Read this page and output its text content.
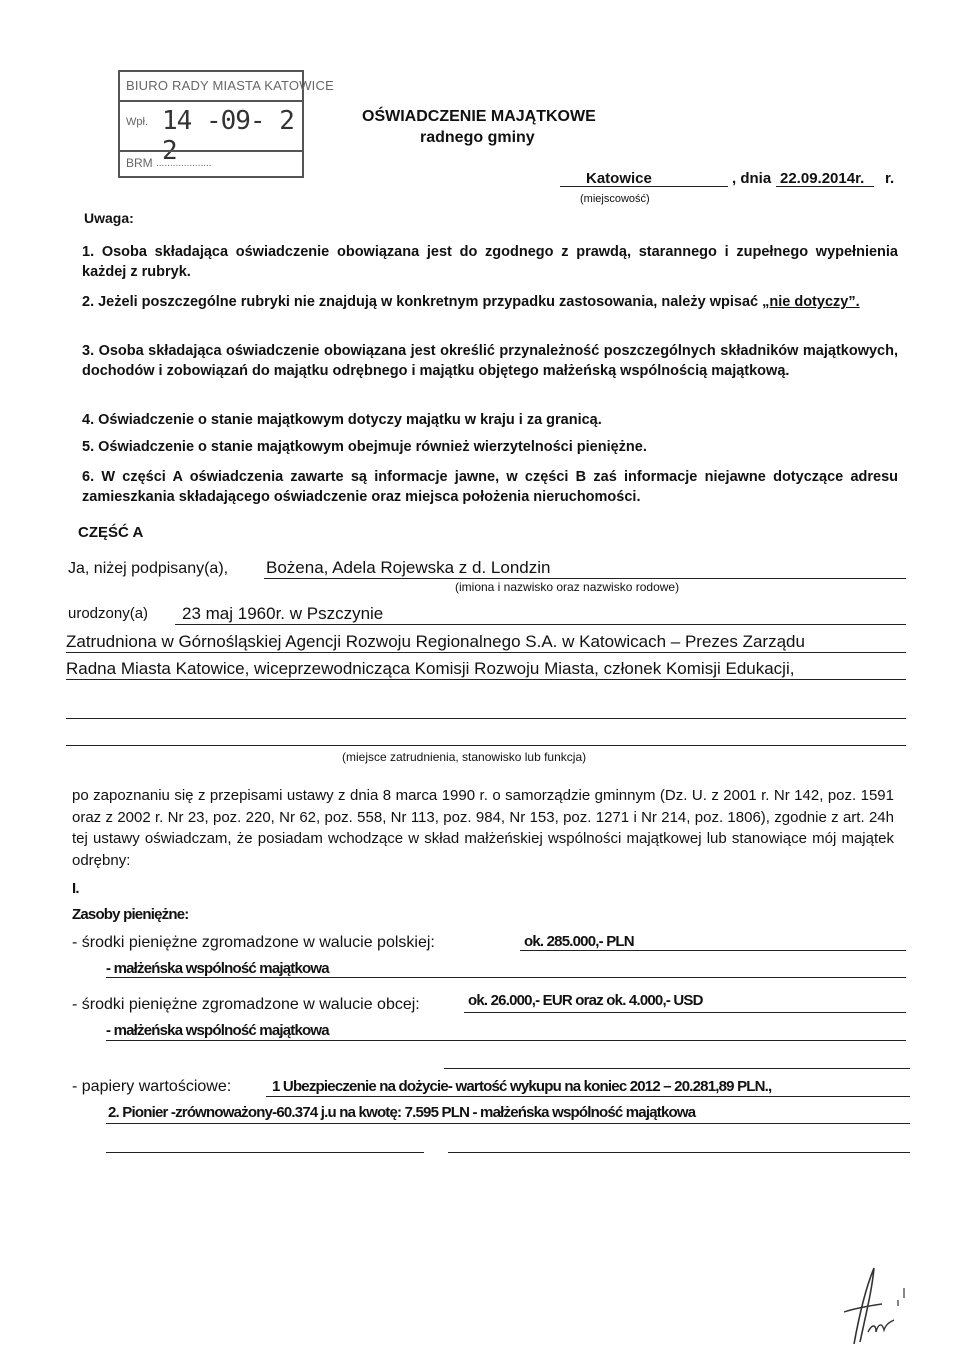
BIURO RADY MIASTA KATOWICE
Wpł. 14 -09- 2 2
BRM ....................
OŚWIADCZENIE MAJĄTKOWE
radnego gminy
Katowice	, dnia 22.09.2014r. r.
(miejscowość)
Uwaga:
1. Osoba składająca oświadczenie obowiązana jest do zgodnego z prawdą, starannego i zupełnego wypełnienia każdej z rubryk.
2. Jeżeli poszczególne rubryki nie znajdują w konkretnym przypadku zastosowania, należy wpisać „nie dotyczy”.
3. Osoba składająca oświadczenie obowiązana jest określić przynależność poszczególnych składników majątkowych, dochodów i zobowiązań do majątku odrębnego i majątku objętego małżeńską wspólnością majątkową.
4. Oświadczenie o stanie majątkowym dotyczy majątku w kraju i za granicą.
5. Oświadczenie o stanie majątkowym obejmuje również wierzytelności pieniężne.
6. W części A oświadczenia zawarte są informacje jawne, w części B zaś informacje niejawne dotyczące adresu zamieszkania składającego oświadczenie oraz miejsca położenia nieruchomości.
CZĘŚĆ A
Ja, niżej podpisany(a), Bożena, Adela Rojewska z d. Londzin
(imiona i nazwisko oraz nazwisko rodowe)
urodzony(a) 23 maj 1960r. w Pszczynie
Zatrudniona w Górnośląskiej Agencji Rozwoju Regionalnego S.A. w Katowicach – Prezes Zarządu
Radna Miasta Katowice, wiceprzewodnicząca Komisji Rozwoju Miasta, członek Komisji Edukacji,
(miejsce zatrudnienia, stanowisko lub funkcja)
po zapoznaniu się z przepisami ustawy z dnia 8 marca 1990 r. o samorządzie gminnym (Dz. U. z 2001 r. Nr 142, poz. 1591 oraz z 2002 r. Nr 23, poz. 220, Nr 62, poz. 558, Nr 113, poz. 984, Nr 153, poz. 1271 i Nr 214, poz. 1806), zgodnie z art. 24h tej ustawy oświadczam, że posiadam wchodzące w skład małżeńskiej wspólności majątkowej lub stanowiące mój majątek odrębny:
I.
Zasoby pieniężne:
- środki pieniężne zgromadzone w walucie polskiej:	ok. 285.000,- PLN
- małżeńska wspólność majątkowa
- środki pieniężne zgromadzone w walucie obcej:	ok. 26.000,- EUR oraz ok. 4.000,- USD
- małżeńska wspólność majątkowa
- papiery wartościowe:	1 Ubezpieczenie na dożycie- wartość wykupu na koniec 2012 – 20.281,89 PLN.,
2. Pionier -zrównoważony-60.374 j.u na kwotę: 7.595 PLN - małżeńska wspólność majątkowa
